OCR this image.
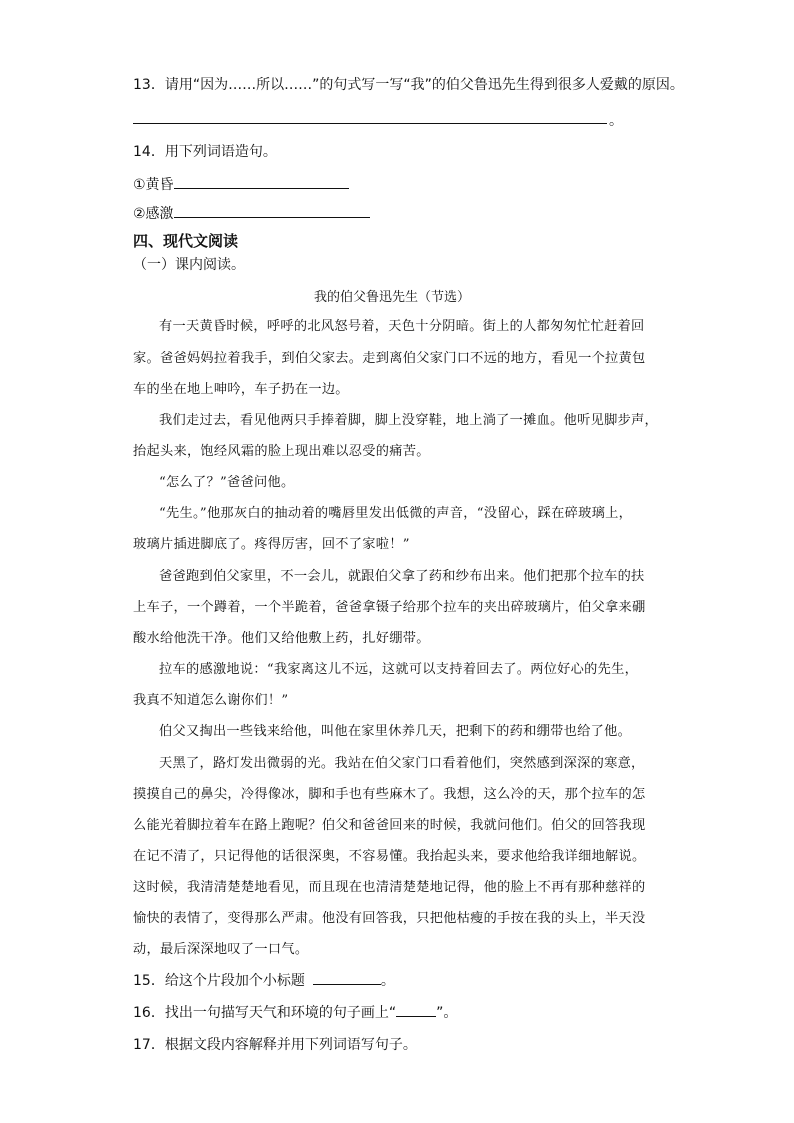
13．请用“因为……所以……”的句式写一写“我”的伯父鲁迅先生得到很多人爱戴的原因。
。
14．用下列词语造句。
①黄昏
②感激
四、现代文阅读
（一）课内阅读。
我的伯父鲁迅先生（节选）
有一天黄昏时候，呼呼的北风怒号着，天色十分阴暗。街上的人都匆匆忙忙赶着回
家。爸爸妈妈拉着我手，到伯父家去。走到离伯父家门口不远的地方，看见一个拉黄包
车的坐在地上呻吟，车子扔在一边。
我们走过去，看见他两只手捧着脚，脚上没穿鞋，地上淌了一摊血。他听见脚步声，
抬起头来，饱经风霜的脸上现出难以忍受的痛苦。
“怎么了？”爸爸问他。
“先生。”他那灰白的抽动着的嘴唇里发出低微的声音，“没留心，踩在碎玻璃上，
玻璃片插进脚底了。疼得厉害，回不了家啦！”
爸爸跑到伯父家里，不一会儿，就跟伯父拿了药和纱布出来。他们把那个拉车的扶
上车子，一个蹲着，一个半跪着，爸爸拿镊子给那个拉车的夹出碎玻璃片，伯父拿来硼
酸水给他洗干净。他们又给他敷上药，扎好绷带。
拉车的感激地说：“我家离这儿不远，这就可以支持着回去了。两位好心的先生，
我真不知道怎么谢你们！”
伯父又掏出一些钱来给他，叫他在家里休养几天，把剩下的药和绷带也给了他。
天黑了，路灯发出微弱的光。我站在伯父家门口看着他们，突然感到深深的寒意，
摸摸自己的鼻尖，冷得像冰，脚和手也有些麻木了。我想，这么冷的天，那个拉车的怎
么能光着脚拉着车在路上跑呢？伯父和爸爸回来的时候，我就问他们。伯父的回答我现
在记不清了，只记得他的话很深奥，不容易懂。我抬起头来，要求他给我详细地解说。
这时候，我清清楚楚地看见，而且现在也清清楚楚地记得，他的脸上不再有那种慈祥的
愉快的表情了，变得那么严肃。他没有回答我，只把他枯瘦的手按在我的头上，半天没
动，最后深深地叹了一口气。
15．给这个片段加个小标题	。
16．找出一句描写天气和环境的句子画上“	”。
17．根据文段内容解释并用下列词语写句子。
